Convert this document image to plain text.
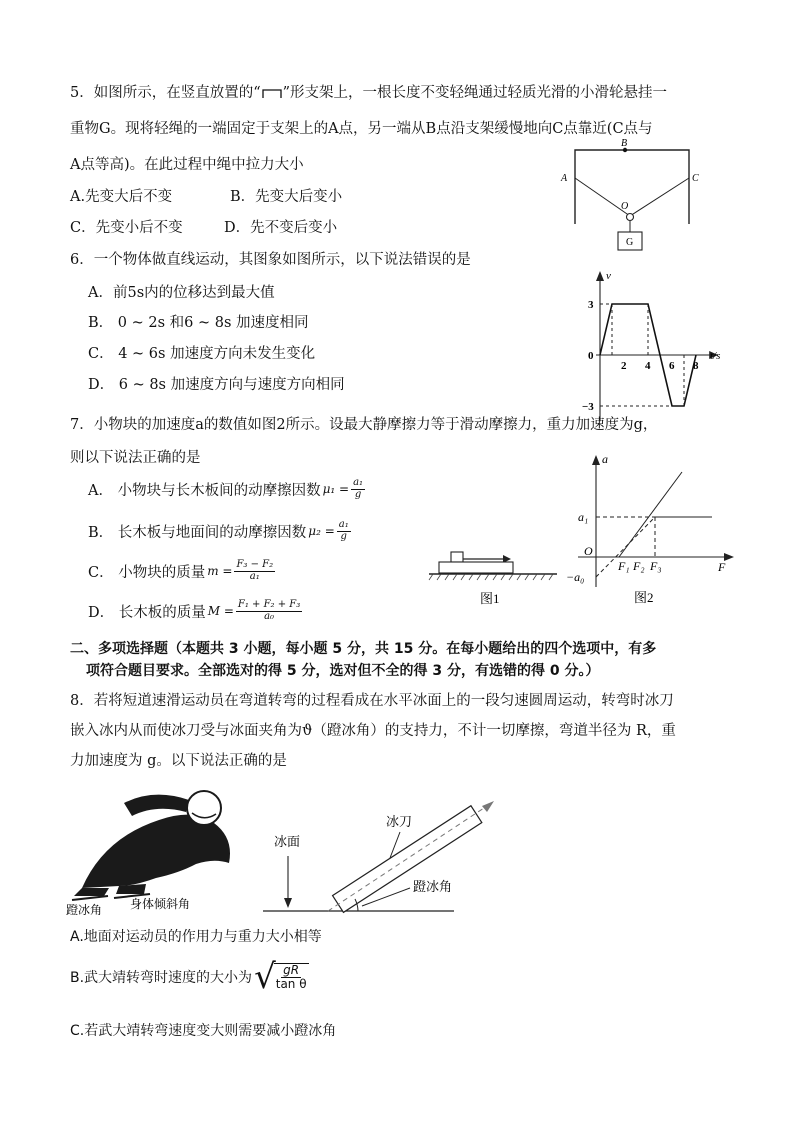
5．如图所示，在竖直放置的“ ”形支架上，一根长度不变轻绳通过轻质光滑的小滑轮悬挂一
重物G。现将轻绳的一端固定于支架上的A点，另一端从B点沿支架缓慢地向C点靠近(C点与
A点等高)。在此过程中绳中拉力大小
A.先变大后不变	B．先变大后变小
C．先变小后不变	D．先不变后变小
B
A	C
O
G
6．一个物体做直线运动，其图象如图所示，以下说法错误的是
A．前5s内的位移达到最大值
B． 0 ~ 2s 和6 ~ 8s 加速度相同
C． 4 ~ 6s 加速度方向未发生变化
D． 6 ~ 8s 加速度方向与速度方向相同
2 4 6 8
3
0
−3
t/s
v
7．小物块的加速度a的数值如图2所示。设最大静摩擦力等于滑动摩擦力，重力加速度为g，
则以下说法正确的是
A． 小物块与长木板间的动摩擦因数 $\mu_1 = \frac{\text{a₁}}{g}$
B． 长木板与地面间的动摩擦因数 $\mu_2 = \frac{\text{a₁}}{g}$
C． 小物块的质量 $m = \frac{\text{F₃ − F₂}}{\text{a₁}}$
D． 长木板的质量 $M = \frac{\text{F₁ + F₂ + F₃}}{\text{a₀}}$
图1
a
a₁
O
−a₀
F₁ F₂ F₃	F
图2
二、多项选择题（本题共 3 小题，每小题 5 分，共 15 分。在每小题给出的四个选项中，有多
项符合题目要求。全部选对的得 5 分，选对但不全的得 3 分，有选错的得 0 分。）
8．若将短道速滑运动员在弯道转弯的过程看成在水平冰面上的一段匀速圆周运动，转弯时冰刀
嵌入冰内从而使冰刀受与冰面夹角为ϑ（蹬冰角）的支持力，不计一切摩擦，弯道半径为 R，重
力加速度为 g。以下说法正确的是
蹬冰角 身体倾斜角
冰面
冰刀
蹬冰角
A.地面对运动员的作用力与重力大小相等
B.武大靖转弯时速度的大小为 √
$\frac{gR}{\text{tan θ}}$
C.若武大靖转弯速度变大则需要减小蹬冰角
